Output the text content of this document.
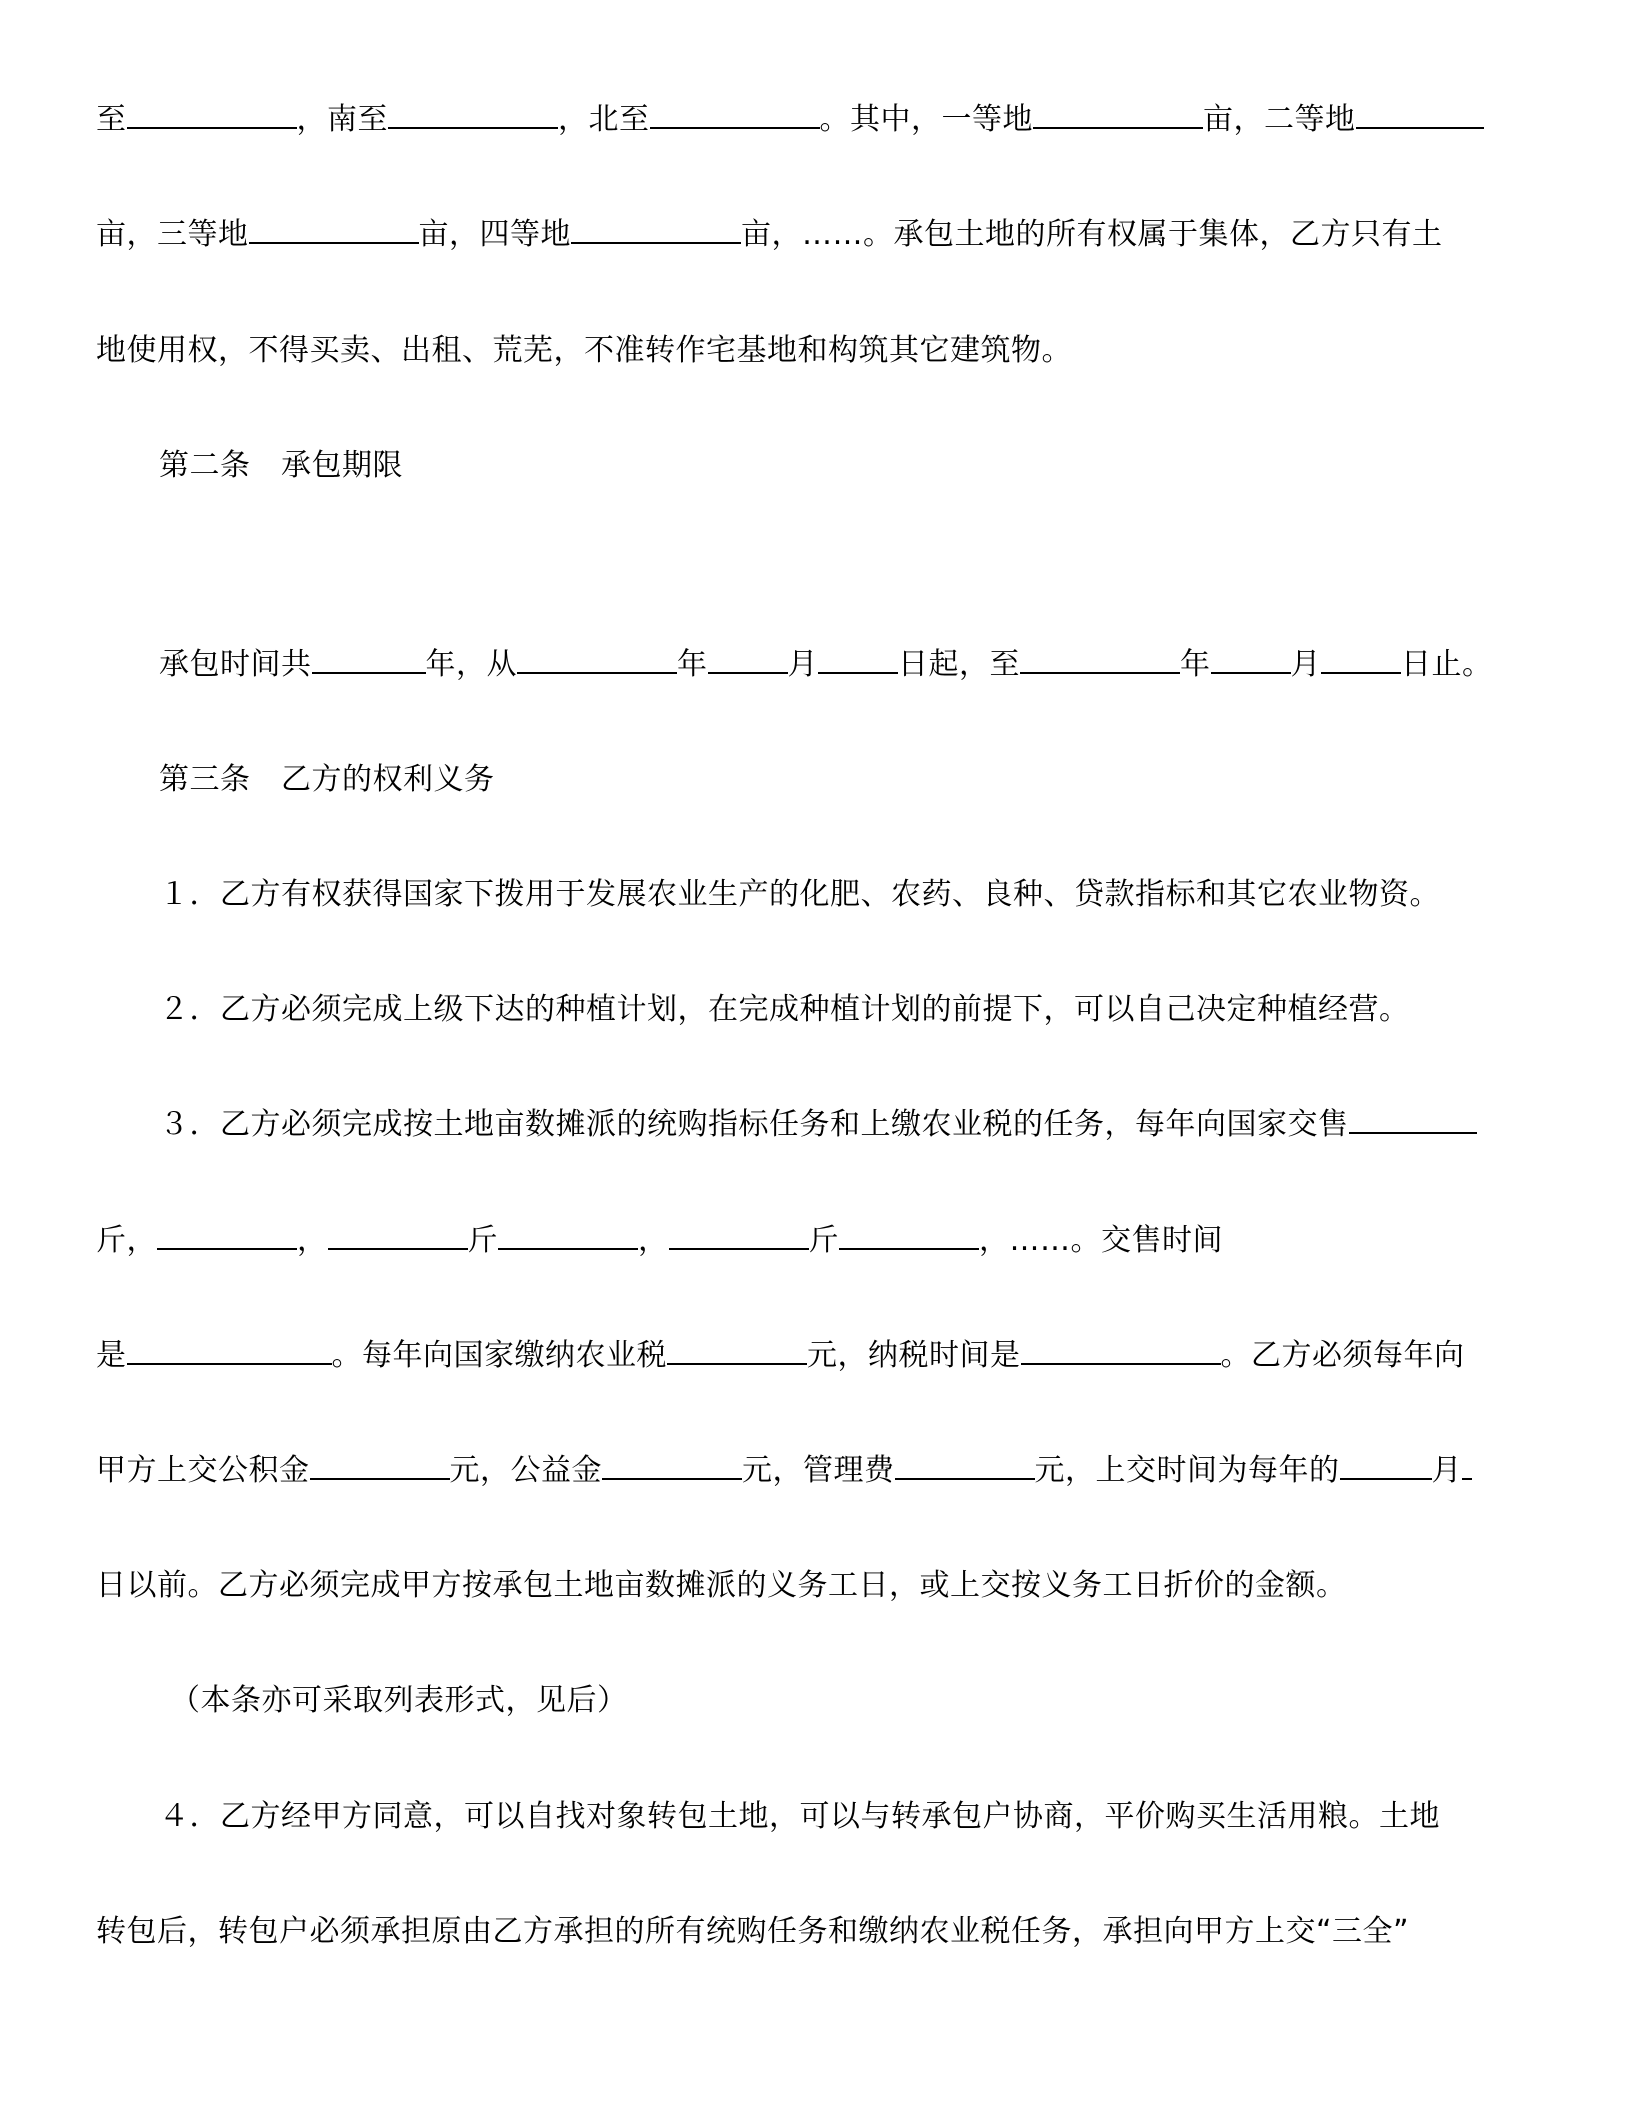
至	，南至	，北至	。其中，一等地	亩，二等地
亩，三等地	亩，四等地	亩，……。承包土地的所有权属于集体，乙方只有土
地使用权，不得买卖、出租、荒芜，不准转作宅基地和构筑其它建筑物。
第二条　承包期限
承包时间共	年，从	年	月	日起，至	年	月	日止。
第三条　乙方的权利义务
１．乙方有权获得国家下拨用于发展农业生产的化肥、农药、良种、贷款指标和其它农业物资。
２．乙方必须完成上级下达的种植计划，在完成种植计划的前提下，可以自己决定种植经营。
３．乙方必须完成按土地亩数摊派的统购指标任务和上缴农业税的任务，每年向国家交售
斤，	，	斤	，	斤	，……。交售时间
是	。每年向国家缴纳农业税	元，纳税时间是	。乙方必须每年向
甲方上交公积金	元，公益金	元，管理费	元，上交时间为每年的	月
日以前。乙方必须完成甲方按承包土地亩数摊派的义务工日，或上交按义务工日折价的金额。
（本条亦可采取列表形式，见后）
４．乙方经甲方同意，可以自找对象转包土地，可以与转承包户协商，平价购买生活用粮。土地
转包后，转包户必须承担原由乙方承担的所有统购任务和缴纳农业税任务，承担向甲方上交“三全”
